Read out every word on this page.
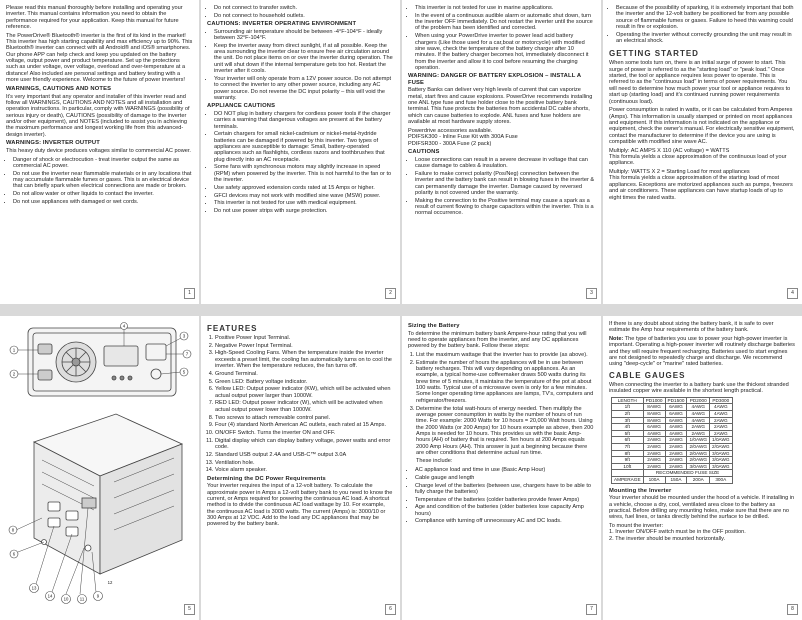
Please read this manual thoroughly before installing and operating your inverter. This manual contains information you need to obtain the performance required for your application. Keep this manual for future reference.

The PowerDrive® Bluetooth® inverter is the first of its kind in the market! This inverter has high starting capability and max efficiency up to 90%. This Bluetooth® inverter can connect with all Android® and iOS® smartphones. Our phone APP can help check and keep you updated on the battery voltage, output power and product temperature. Set up the protections such as under voltage, over voltage, overload and over-temperature at a distance! Also included are personal settings and battery testing with a more user friendly experience. Welcome to the future of power inverters!

WARNINGS, CAUTIONS AND NOTES

It's very important that any operator and installer of this inverter read and follow all WARNINGS, CAUTIONS AND NOTES and all installation and operation instructions. In particular, comply with WARNINGS (possibility of serious injury or death), CAUTIONS (possibility of damage to the inverter and/or other equipment), and NOTES (included to assist you in achieving the maximum performance and longest working life from this advanced-design inverter).

WARNINGS: INVERTER OUTPUT

This heavy duty device produces voltages similar to commercial AC power.

• Danger of shock or electrocution - treat inverter output the same as commercial AC power.
• Do not use the inverter near flammable materials or in any locations that may accumulate flammable fumes or gases. This is an electrical device that can briefly spark when electrical connections are made or broken.
• Do not allow water or other liquids to contact the inverter.
• Do not use appliances with damaged or wet cords.
1
• Do not connect to transfer switch.
• Do not connect to household outlets.
CAUTIONS: INVERTER OPERATING ENVIRONMENT
• Surrounding air temperature should be between -4°F-104°F - ideally between 32°F-104°F.
• Keep the inverter away from direct sunlight, if at all possible. Keep the area surrounding the inverter clear to ensure free air circulation around the unit. Do not place items on or over the inverter during operation. The unit will shut down if the internal temperature gets too hot. Restart the inverter after it cools.
• Your inverter will only operate from a 12V power source. Do not attempt to connect the inverter to any other power source, including any AC power source. Do not reverse the DC input polarity – this will void the warranty.
APPLIANCE CAUTIONS
• DO NOT plug in battery chargers for cordless power tools if the charger carries a warning that dangerous voltages are present at the battery terminals.
• Certain chargers for small nickel-cadmium or nickel-metal-hydride batteries can be damaged if powered by this inverter. Two types of appliances are susceptible to damage: Small, battery-operated appliances such as flashlights, cordless razors and toothbrushes that plug directly into an AC receptacle.
• Some fans with synchronous motors may slightly increase in speed (RPM) when powered by the inverter. This is not harmful to the fan or to the inverter.
• Use safety approved extension cords rated at 15 Amps or higher.
• GFCI devices may not work with modified sine wave (MSW) power.
• This inverter is not tested for use with medical equipment.
• Do not use power strips with surge protection.
2
• This inverter is not tested for use in marine applications.
• In the event of a continuous audible alarm or automatic shut down, turn the inverter OFF immediately. Do not restart the inverter until the source of the problem has been identified and corrected.
• When using your PowerDrive inverter to power lead acid battery chargers (Like those used for a car,boat or motorcycle) with modified sine wave, check the temperature of the battery charger after 10 minutes. If the battery charger becomes hot, immediately disconnect it from the inverter and allow it to cool before resuming the charging operation.
WARNING: DANGER OF BATTERY EXPLOSION – INSTALL A FUSE

Battery Banks can deliver very high levels of current that can vaporize metal, start fires and cause explosions. PowerDrive recommends installing one ANL type fuse and fuse holder close to the positive battery bank terminal. This fuse protects the batteries from accidental DC cable shorts, which can cause batteries to explode. ANL fuses and fuse holders are available at most hardware supply stores.

Powerdrive accessories available.

PDIFSK300 - Inline Fuse Kit with 300A Fuse

PDIFSR300 - 300A Fuse (2 pack)

CAUTIONS
• Loose connections can result in a severe decrease in voltage that can cause damage to cables & insulation.
• Failure to make correct polarity (Pos/Neg) connection between the inverter and the battery bank can result in blowing fuses in the inverter & can permanently damage the inverter. Damage caused by reversed polarity is not covered under the warranty.
• Making the connection to the Positive terminal may cause a spark as a result of current flowing to charge capacitors within the inverter. This is a normal occurrence.
3
• Because of the possibility of sparking, it is extremely important that both the inverter and the 12-volt battery be positioned far from any possible source of flammable fumes or gases. Failure to heed this warning could result in fire or explosion.
• Operating the inverter without correctly grounding the unit may result in an electrical shock.
GETTING STARTED

When some tools turn on, there is an initial surge of power to start. This surge of power is referred to as the "starting load" or "peak load." Once started, the tool or appliance requires less power to operate. This is referred to as the "continuous load" in terms of power requirements. You will need to determine how much power your tool or appliance requires to start up (starting load) and it's continued running power requirements (continuous load).

Power consumption is rated in watts, or it can be calculated from Amperes (Amps). This information is usually stamped or printed on most appliances and equipment. If this information is not indicated on the appliance or equipment, check the owner's manual. For electrically sensitive equipment, contact the manufacturer to determine if the device you are using is compatible with modified sine wave AC.

Multiply: AC AMPS X 110 (AC voltage) = WATTS

This formula yields a close approximation of the continuous load of your appliance.

Multiply: WATTS X 2 = Starting Load for most appliances

This formula yields a close approximation of the starting load of most appliances. Exceptions are motorized appliances such as pumps, freezers and air conditioners. These appliances can have startup loads of up to eight times the rated watts.

4
1
2
4
3
7
5
8
6
13
14
10	11
9
12
5
FEATURES
1. Positive Power Input Terminal.
2. Negative Power Input Terminal.
3. High-Speed Cooling Fans. When the temperature inside the inverter exceeds a preset limit, the cooling fan automatically turns on to cool the inverter. When the temperature reduces, the fan turns off.
4. Ground Terminal.
5. Green LED: Battery voltage indicator.
6. Yellow LED: Output power indicator (KW), which will be activated when actual output power larger than 1000W.
7. RED LED: Output power indicator (W), which will be activated when actual output power lower than 1000W.
8. Two screws to attach removable control panel.
9. Four (4) standard North American AC outlets, each rated at 15 Amps.
10. ON/OFF Switch. Turns the inverter ON and OFF.
11. Digital display which can display battery voltage, power watts and error code.
12. Standard USB output 2.4A and USB-C™ output 3.0A
13. Ventilation hole.
14. Voice alarm speaker.
Determining the DC Power Requirements

Your inverter requires the input of a 12-volt battery. To calculate the approximate power in Amps a 12-volt battery bank to you need to know the current, or Amps required for powering the continuous AC load. A shortcut method is to divide the continuous AC load wattage by 10. For example, the continuous AC load is 3000 watts. The current (Amps) is: 3000/10 or 300 Amps at 12 VDC. Add to the load any DC appliances that may be powered by the battery bank.

6
Sizing the Battery

To determine the minimum battery bank Ampere-hour rating that you will need to operate appliances from the inverter, and any DC appliances powered by the battery bank. Follow these steps:

1. List the maximum wattage that the inverter has to provide (as above).
2. Estimate the number of hours the appliances will be in use between battery recharges. This will vary depending on appliances. As an example, a typical home-use coffeemaker draws 500 watts during its brew time of 5 minutes, it maintains the temperature of the pot at about 100 watts. Typical use of a microwave oven is only for a few minutes. Some longer operating time appliances are lamps, TV's, computers and refrigerator/freezers.
3. Determine the total watt-hours of energy needed. Then multiply the average power consumption in watts by the number of hours of run time. For example: 2000 Watts for 10 hours = 20,000 Watt hours. Using the 2000 Watts (or 200 Amps) for 10 hours example as above, then 200 Amps is needed for 10 hours. This provides us with the basic Amp-hours (AH) of battery that is required. Ten hours at 200 Amps equals 2000 Amp Hours (AH). This answer is just a beginning because there are other conditions that determine actual run time.

These include:

• AC appliance load and time in use (Basic Amp Hour)
• Cable gauge and length
• Charge level of the batteries (between use, chargers have to be able to fully charge the batteries)
• Temperature of the batteries (colder batteries provide fewer Amps)
• Age and condition of the batteries (older batteries lose capacity Amp hours)
• Compliance with turning off unnecessary AC and DC loads.
7

If there is any doubt about sizing the battery bank, it is safe to over estimate the Amp hour requirements of the battery bank.

Note: The type of batteries you use to power your high-power inverter is important. Operating a high-power inverter will routinely discharge batteries and they will require frequent recharging. Batteries used to start engines are not designed to repeatedly charge and discharge. We recommend using "deep-cycle" or "marine" rated batteries.

CABLE GAUGES

When connecting the inverter to a battery bank use the thickest stranded insulated copper wire available in the shortest length practical.

LENGTH	PD1000	PD1500	PD2000	PD3000
1ft	8AWG	6AWG	4AWG	4AWG
2ft	8AWG	6AWG	4AWG	4AWG
3ft	8AWG	6AWG	4AWG	2AWG
4ft	6AWG	4AWG	2AWG	2AWG
5ft	4AWG	4AWG	2AWG	2AWG
6ft	2AWG	2AWG	1/0AWG	1/0AWG
7ft	2AWG	2AWG	2/0AWG	2/0AWG
8ft	2AWG	2AWG	2/0AWG	3/0AWG
9ft	2AWG	2AWG	2/0AWG	3/0AWG
10ft	2AWG	2AWG	3/0AWG	3/0AWG
	RECOMMENDED FUSE SIZE			
AMPERAGE	100A	150A	200A	300A
Mounting the Inverter

Your inverter should be mounted under the hood of a vehicle. If installing in a vehicle, choose a dry, cool, ventilated area close to the battery as practical. Before drilling any mounting holes, make sure that there are no wires, fuel lines, or tanks directly behind the surface to be drilled.

To mount the inverter:

1. Inverter ON/OFF switch must be in the OFF position.

2. The inverter should be mounted horizontally.

8
